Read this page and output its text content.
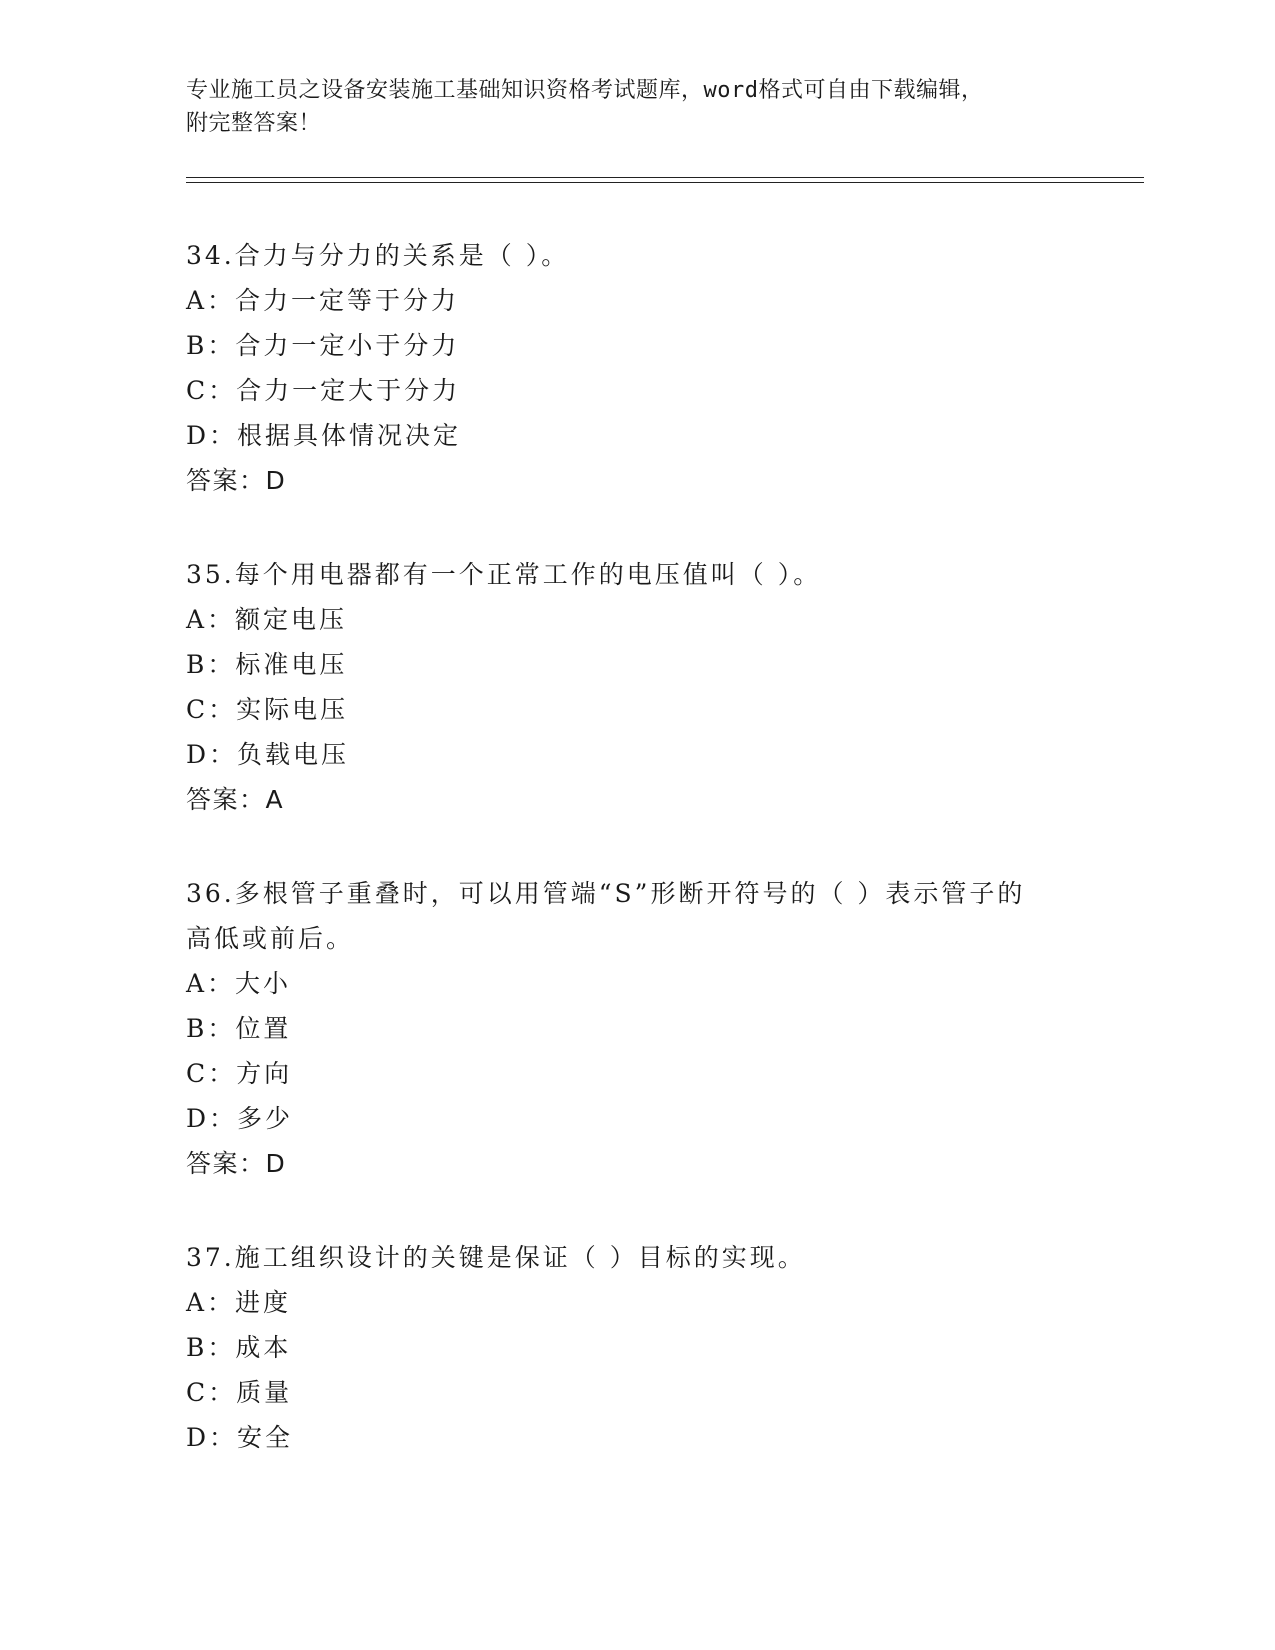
专业施工员之设备安装施工基础知识资格考试题库，word格式可自由下载编辑，
附完整答案！
34.合力与分力的关系是（ ）。
A：合力一定等于分力
B：合力一定小于分力
C：合力一定大于分力
D：根据具体情况决定
答案：D
35.每个用电器都有一个正常工作的电压值叫（ ）。
A：额定电压
B：标准电压
C：实际电压
D：负载电压
答案：A
36.多根管子重叠时，可以用管端“S”形断开符号的（ ）表示管子的
高低或前后。
A：大小
B：位置
C：方向
D：多少
答案：D
37.施工组织设计的关键是保证（ ）目标的实现。
A：进度
B：成本
C：质量
D：安全
